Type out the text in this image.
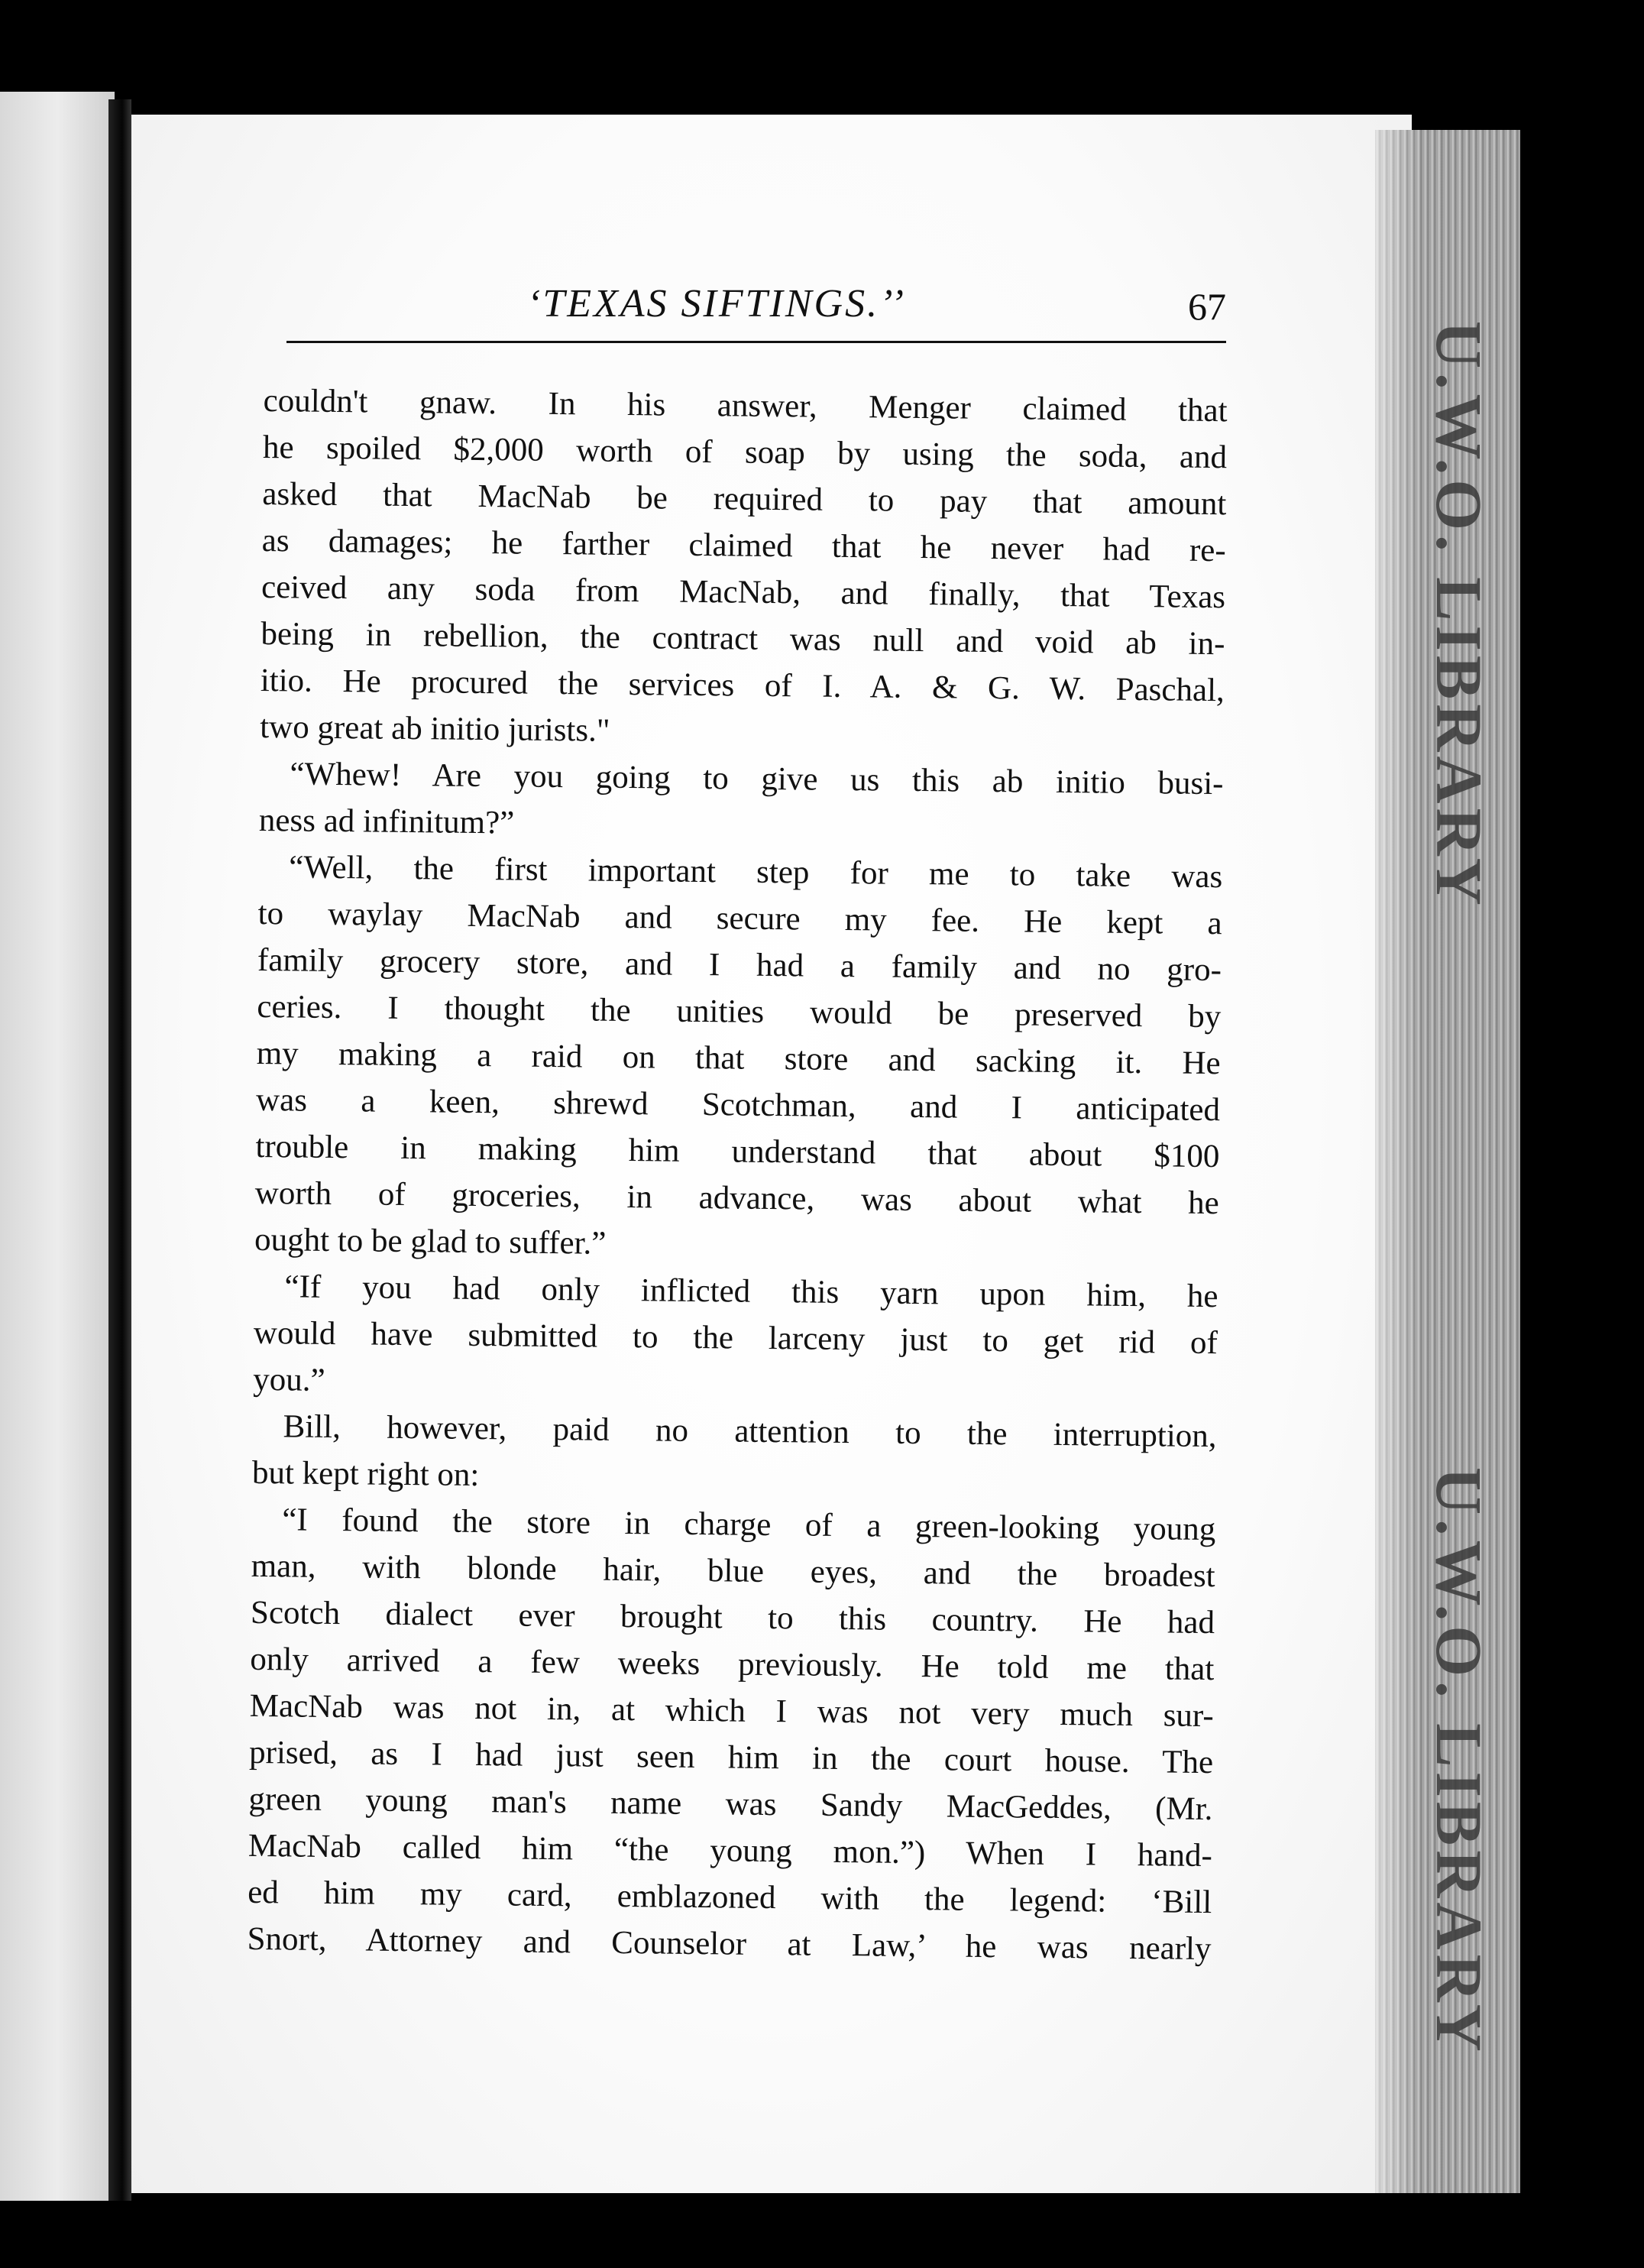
U.W.O. LIBRARY
U.W.O. LIBRARY
‘TEXAS SIFTINGS.’’	67
couldn't gnaw. In his answer, Menger claimed that
he spoiled $2,000 worth of soap by using the soda, and
asked that MacNab be required to pay that amount
as damages; he farther claimed that he never had re-
ceived any soda from MacNab, and finally, that Texas
being in rebellion, the contract was null and void ab in-
itio. He procured the services of I. A. & G. W. Paschal,
two great ab initio jurists."
“Whew! Are you going to give us this ab initio busi-
ness ad infinitum?”
“Well, the first important step for me to take was
to waylay MacNab and secure my fee. He kept a
family grocery store, and I had a family and no gro-
ceries. I thought the unities would be preserved by
my making a raid on that store and sacking it. He
was a keen, shrewd Scotchman, and I anticipated
trouble in making him understand that about $100
worth of groceries, in advance, was about what he
ought to be glad to suffer.”
“If you had only inflicted this yarn upon him, he
would have submitted to the larceny just to get rid of
you.”
Bill, however, paid no attention to the interruption,
but kept right on:
“I found the store in charge of a green-looking young
man, with blonde hair, blue eyes, and the broadest
Scotch dialect ever brought to this country. He had
only arrived a few weeks previously. He told me that
MacNab was not in, at which I was not very much sur-
prised, as I had just seen him in the court house. The
green young man's name was Sandy MacGeddes, (Mr.
MacNab called him “the young mon.”) When I hand-
ed him my card, emblazoned with the legend: ‘Bill
Snort, Attorney and Counselor at Law,’ he was nearly
